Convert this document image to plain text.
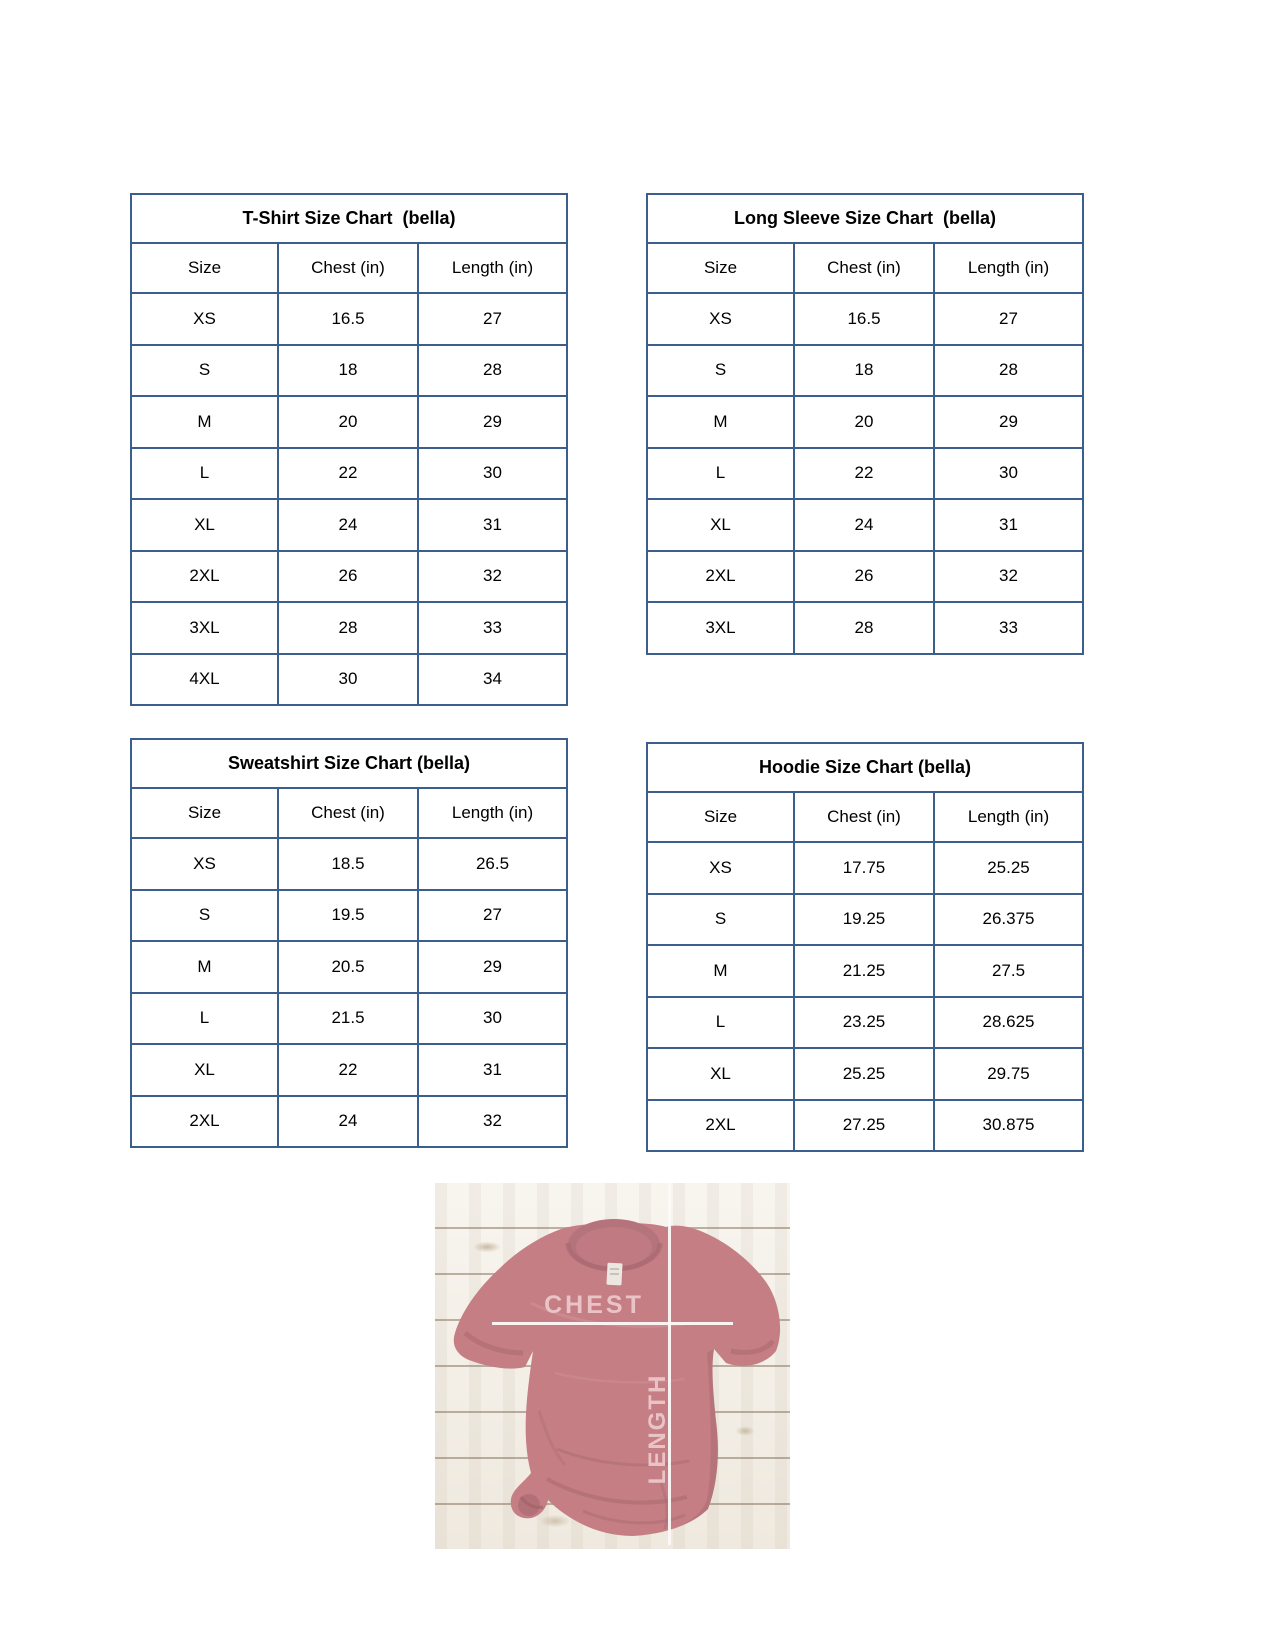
T-Shirt Size Chart  (bella)		
Size	Chest (in)	Length (in)
XS	16.5	27
S	18	28
M	20	29
L	22	30
XL	24	31
2XL	26	32
3XL	28	33
4XL	30	34
Long Sleeve Size Chart  (bella)		
Size	Chest (in)	Length (in)
XS	16.5	27
S	18	28
M	20	29
L	22	30
XL	24	31
2XL	26	32
3XL	28	33
Sweatshirt Size Chart (bella)		
Size	Chest (in)	Length (in)
XS	18.5	26.5
S	19.5	27
M	20.5	29
L	21.5	30
XL	22	31
2XL	24	32
Hoodie Size Chart (bella)		
Size	Chest (in)	Length (in)
XS	17.75	25.25
S	19.25	26.375
M	21.25	27.5
L	23.25	28.625
XL	25.25	29.75
2XL	27.25	30.875
CHEST
LENGTH
